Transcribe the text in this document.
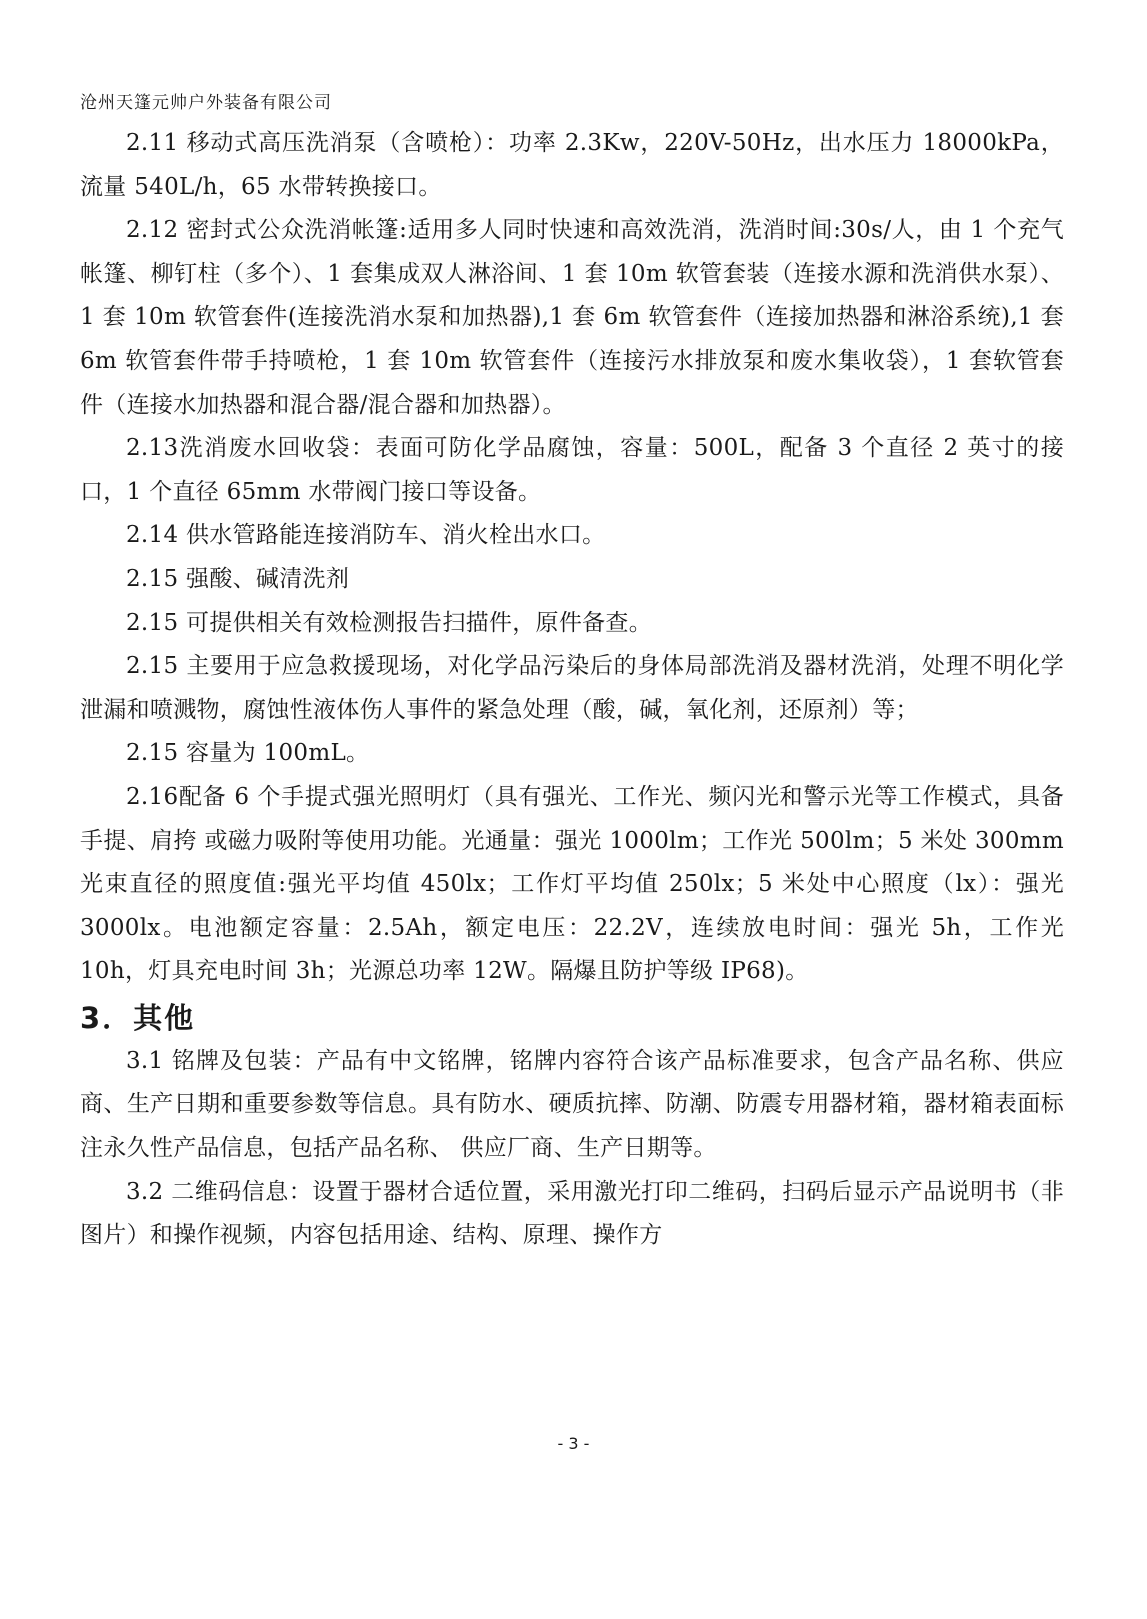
沧州天篷元帅户外装备有限公司

2.11 移动式高压洗消泵（含喷枪）：功率 2.3Kw，220V-50Hz，出水压力 18000kPa，流量 540L/h，65 水带转换接口。

2.12 密封式公众洗消帐篷:适用多人同时快速和高效洗消，洗消时间:30s/人，由 1 个充气帐篷、柳钉柱（多个）、1 套集成双人淋浴间、1 套 10m 软管套装（连接水源和洗消供水泵）、1 套 10m 软管套件(连接洗消水泵和加热器),1 套 6m 软管套件（连接加热器和淋浴系统),1 套 6m 软管套件带手持喷枪，1 套 10m 软管套件（连接污水排放泵和废水集收袋），1 套软管套件（连接水加热器和混合器/混合器和加热器）。

2.13洗消废水回收袋：表面可防化学品腐蚀，容量：500L，配备 3 个直径 2 英寸的接口，1 个直径 65mm 水带阀门接口等设备。

2.14 供水管路能连接消防车、消火栓出水口。

2.15 强酸、碱清洗剂

2.15 可提供相关有效检测报告扫描件，原件备查。

2.15 主要用于应急救援现场，对化学品污染后的身体局部洗消及器材洗消，处理不明化学泄漏和喷溅物，腐蚀性液体伤人事件的紧急处理（酸，碱，氧化剂，还原剂）等；

2.15 容量为 100mL。

2.16配备 6 个手提式强光照明灯（具有强光、工作光、频闪光和警示光等工作模式，具备手提、肩挎 或磁力吸附等使用功能。光通量：强光 1000lm；工作光 500lm；5 米处 300mm 光束直径的照度值:强光平均值 450lx；工作灯平均值 250lx；5 米处中心照度（lx）：强光 3000lx。电池额定容量：2.5Ah，额定电压：22.2V，连续放电时间：强光 5h，工作光 10h，灯具充电时间 3h；光源总功率 12W。隔爆且防护等级 IP68)。

3．其他

3.1 铭牌及包装：产品有中文铭牌，铭牌内容符合该产品标准要求，包含产品名称、供应商、生产日期和重要参数等信息。具有防水、硬质抗摔、防潮、防震专用器材箱，器材箱表面标注永久性产品信息，包括产品名称、 供应厂商、生产日期等。

3.2 二维码信息：设置于器材合适位置，采用激光打印二维码，扫码后显示产品说明书（非图片）和操作视频，内容包括用途、结构、原理、操作方

- 3 -
